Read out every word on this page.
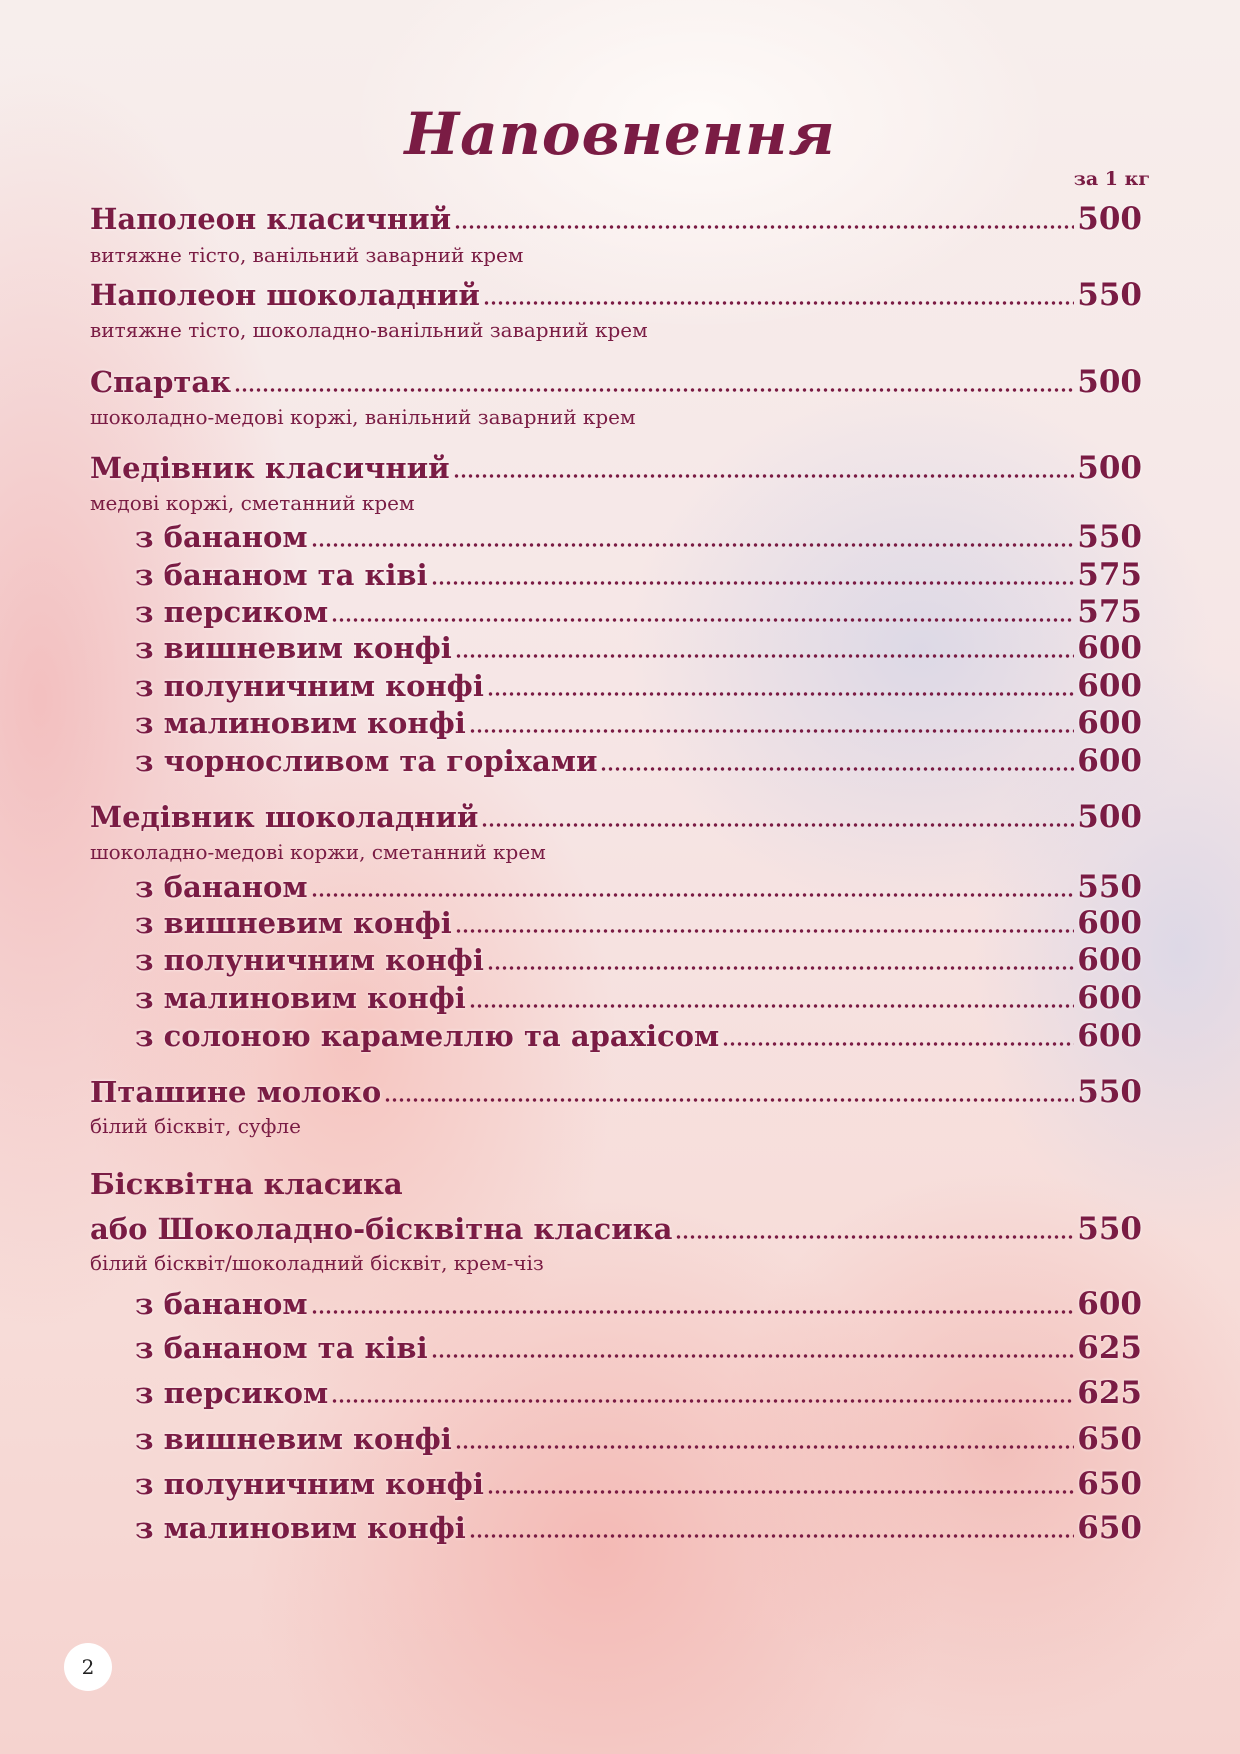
Наповнення
за 1 кг
Наполеон класичний	500
витяжне тісто, ванільний заварний крем
Наполеон шоколадний	550
витяжне тісто, шоколадно-ванільний заварний крем
Спартак	500
шоколадно-медові коржі, ванільний заварний крем
Медівник класичний	500
медові коржі, сметанний крем
з бананом	550
з бананом та ківі	575
з персиком	575
з вишневим конфі	600
з полуничним конфі	600
з малиновим конфі	600
з чорносливом та горіхами	600
Медівник шоколадний	500
шоколадно-медові коржи, сметанний крем
з бананом	550
з вишневим конфі	600
з полуничним конфі	600
з малиновим конфі	600
з солоною карамеллю та арахісом	600
Пташине молоко	550
білий бісквіт, суфле
Бісквітна класика
або Шоколадно-бісквітна класика	550
білий бісквіт/шоколадний бісквіт, крем-чіз
з бананом	600
з бананом та ківі	625
з персиком	625
з вишневим конфі	650
з полуничним конфі	650
з малиновим конфі	650
2
